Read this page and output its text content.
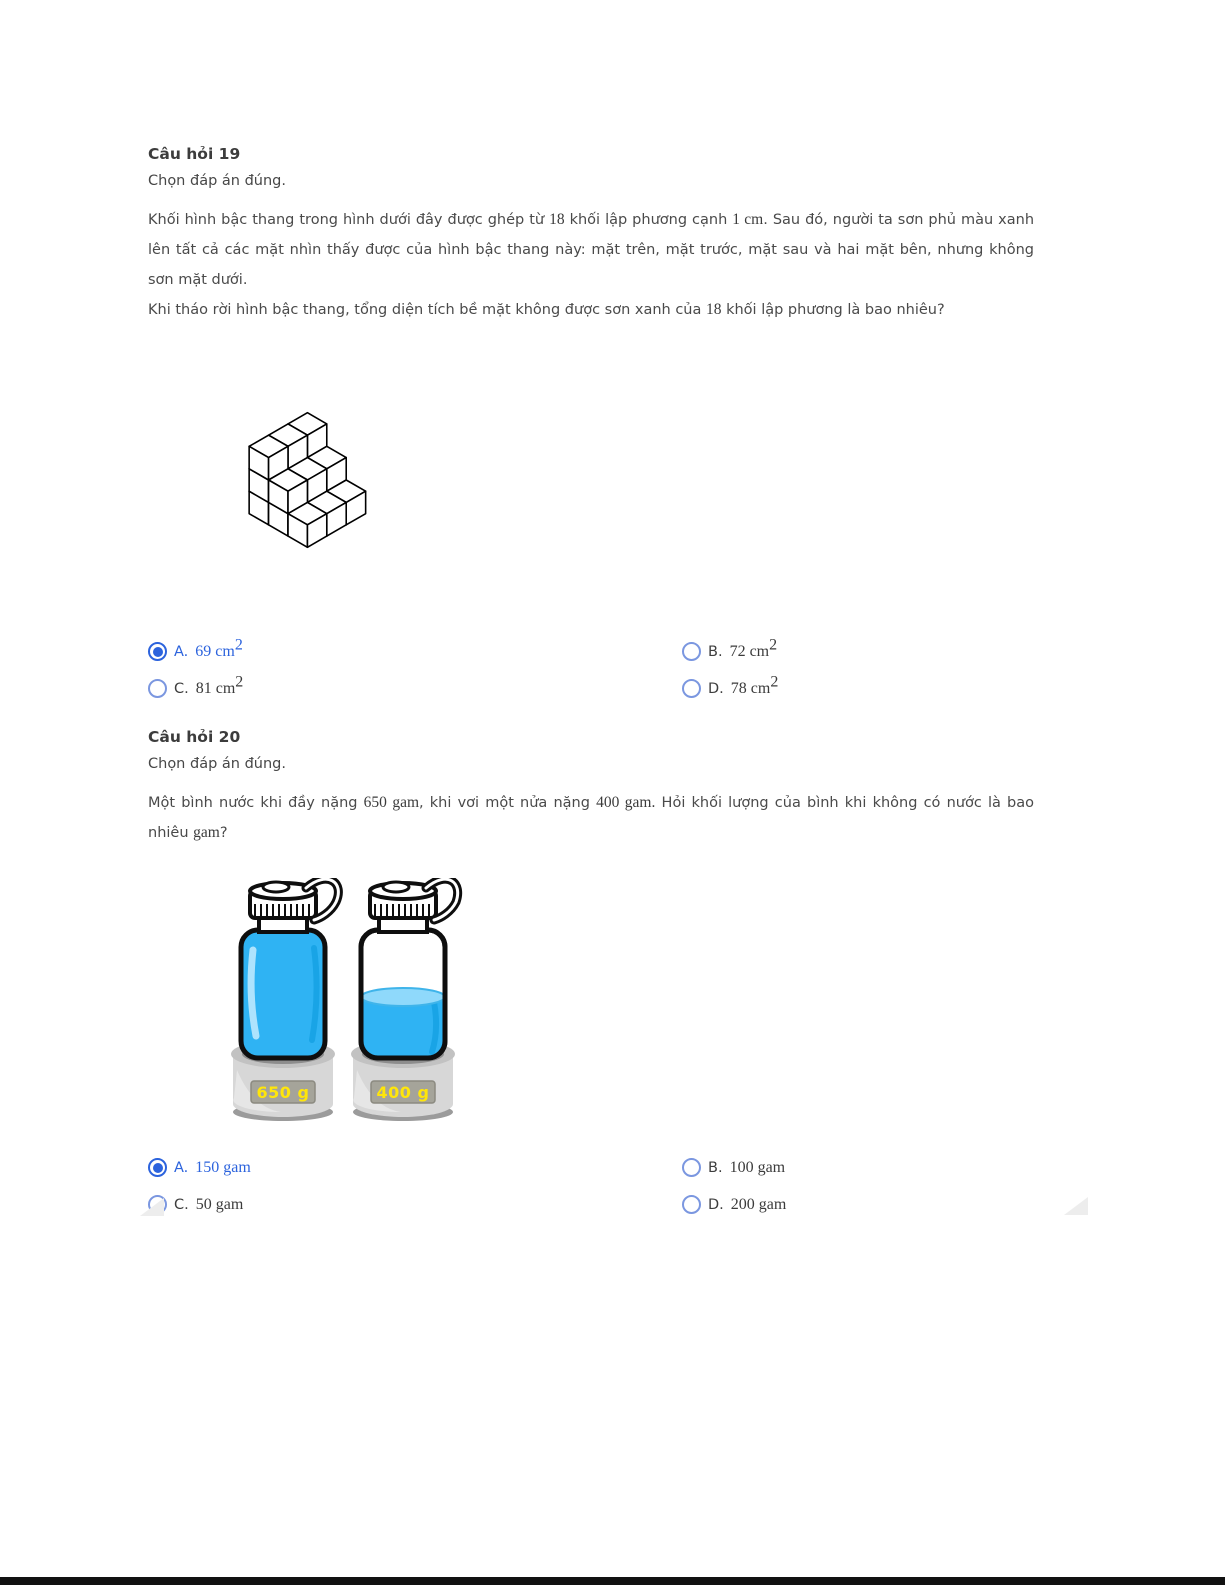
Câu hỏi 19
Chọn đáp án đúng.

Khối hình bậc thang trong hình dưới đây được ghép từ 18 khối lập phương cạnh 1 cm. Sau đó, người ta sơn phủ màu xanh lên tất cả các mặt nhìn thấy được của hình bậc thang này: mặt trên, mặt trước, mặt sau và hai mặt bên, nhưng không sơn mặt dưới.

Khi tháo rời hình bậc thang, tổng diện tích bề mặt không được sơn xanh của 18 khối lập phương là bao nhiêu?

A. 69 $cm^2$	B. 72 $cm^2$
C. 81 $cm^2$	D. 78 $cm^2$
Câu hỏi 20
Chọn đáp án đúng.

Một bình nước khi đầy nặng 650 gam, khi vơi một nửa nặng 400 gam. Hỏi khối lượng của bình khi không có nước là bao nhiêu gam?

650 g	400 g
A. 150 gam	B. 100 gam
C. 50 gam	D. 200 gam
